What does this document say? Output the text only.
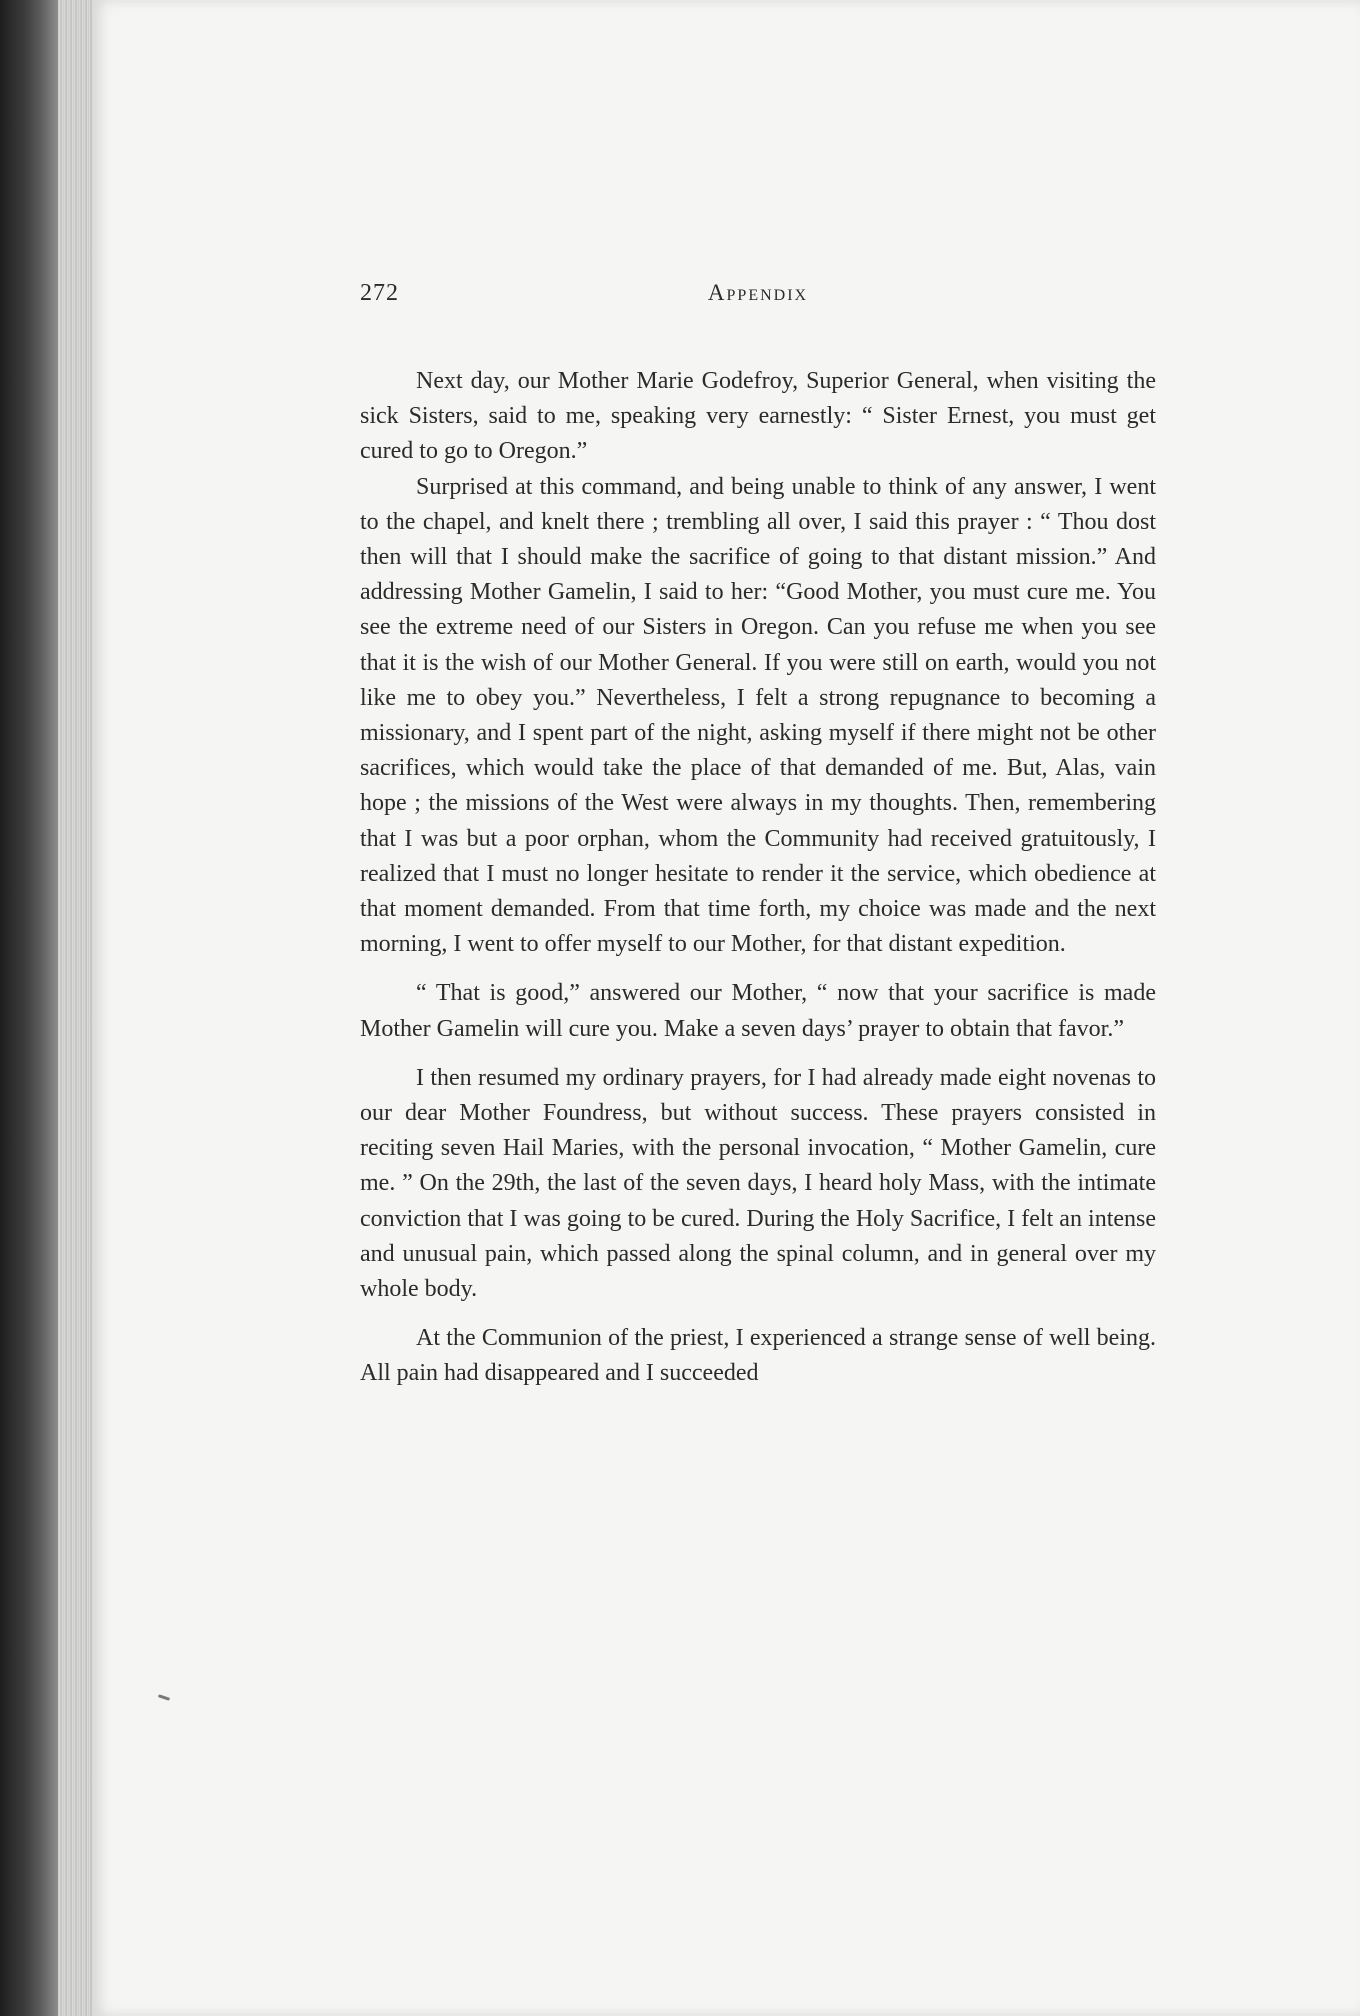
272	Appendix

Next day, our Mother Marie Godefroy, Superior General, when visiting the sick Sisters, said to me, speaking very earnestly: “ Sister Ernest, you must get cured to go to Oregon.”

Surprised at this command, and being unable to think of any answer, I went to the chapel, and knelt there ; trembling all over, I said this prayer : “ Thou dost then will that I should make the sacrifice of going to that distant mission.” And addressing Mother Gamelin, I said to her: “Good Mother, you must cure me. You see the extreme need of our Sisters in Oregon. Can you refuse me when you see that it is the wish of our Mother General. If you were still on earth, would you not like me to obey you.” Nevertheless, I felt a strong repugnance to becoming a missionary, and I spent part of the night, asking myself if there might not be other sacrifices, which would take the place of that demanded of me. But, Alas, vain hope ; the missions of the West were always in my thoughts. Then, remembering that I was but a poor orphan, whom the Community had received gratuitously, I realized that I must no longer hesitate to render it the service, which obedience at that moment demanded. From that time forth, my choice was made and the next morning, I went to offer myself to our Mother, for that distant expedition.

“ That is good,” answered our Mother, “ now that your sacrifice is made Mother Gamelin will cure you. Make a seven days’ prayer to obtain that favor.”

I then resumed my ordinary prayers, for I had already made eight novenas to our dear Mother Foundress, but without success. These prayers consisted in reciting seven Hail Maries, with the personal invocation, “ Mother Gamelin, cure me. ” On the 29th, the last of the seven days, I heard holy Mass, with the intimate conviction that I was going to be cured. During the Holy Sacrifice, I felt an intense and unusual pain, which passed along the spinal column, and in general over my whole body.

At the Communion of the priest, I experienced a strange sense of well being. All pain had disappeared and I succeeded
